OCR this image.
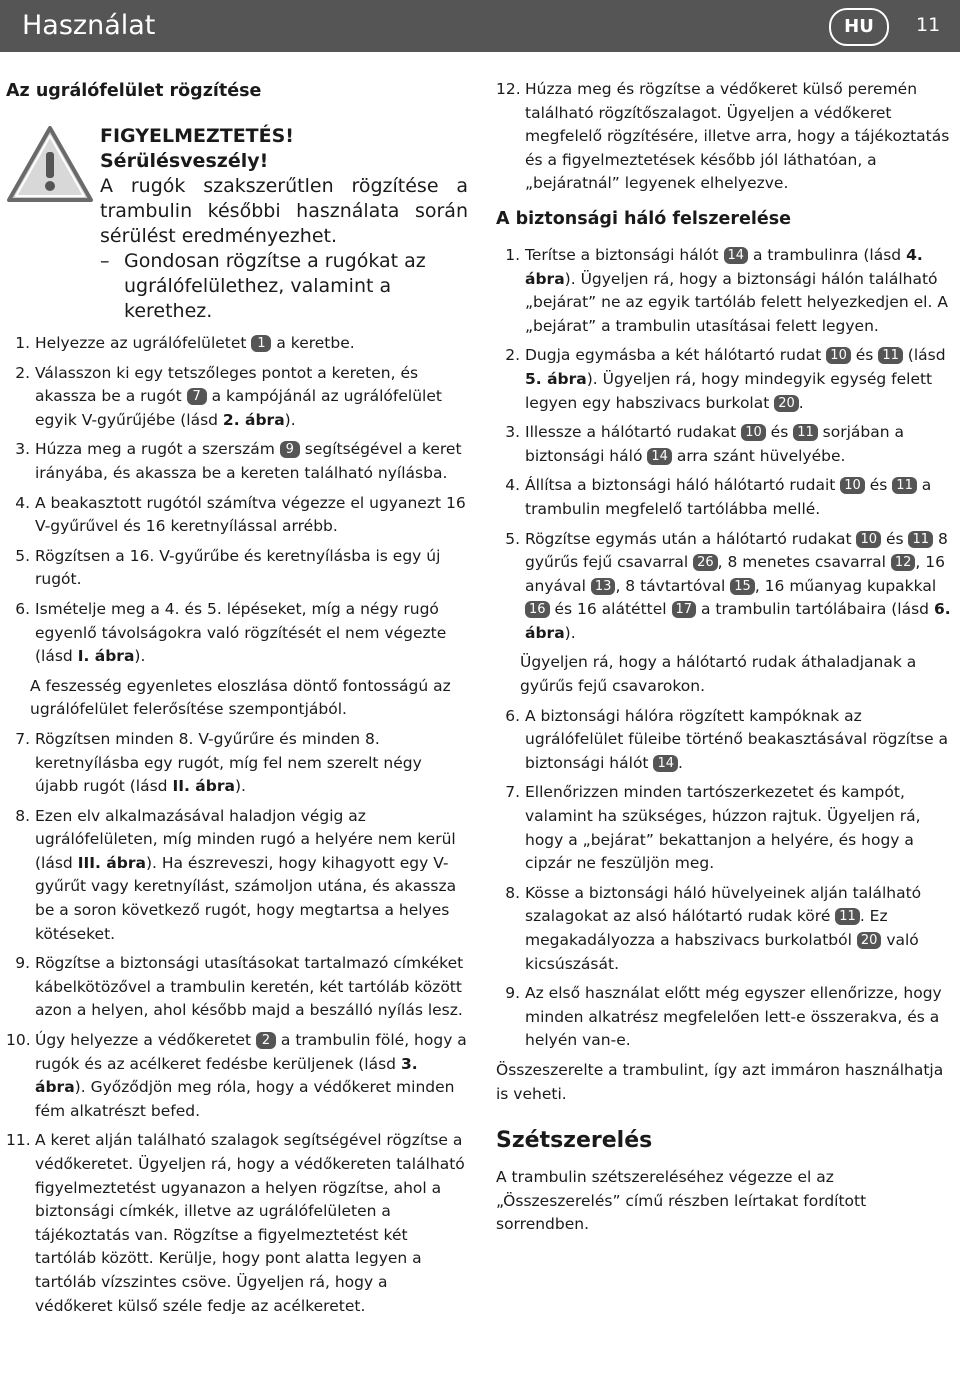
Használat	HU	11
Az ugrálófelület rögzítése
FIGYELMEZTETÉS!
Sérülésveszély!
A rugók szakszerűtlen rögzítése a trambulin későbbi használata során sérülést eredményezhet.
– Gondosan rögzítse a rugókat az ugrálófelülethez, valamint a kerethez.
1. Helyezze az ugrálófelületet 1 a keretbe.
2. Válasszon ki egy tetszőleges pontot a kereten, és akassza be a rugót 7 a kampójánál az ugrálófelület egyik V-gyűrűjébe (lásd 2. ábra).
3. Húzza meg a rugót a szerszám 9 segítségével a keret irányába, és akassza be a kereten található nyílásba.
4. A beakasztott rugótól számítva végezze el ugyanezt 16 V-gyűrűvel és 16 keretnyílással arrébb.
5. Rögzítsen a 16. V-gyűrűbe és keretnyílásba is egy új rugót.
6. Ismételje meg a 4. és 5. lépéseket, míg a négy rugó egyenlő távolságokra való rögzítését el nem végezte (lásd I. ábra).
A feszesség egyenletes eloszlása döntő fontosságú az ugrálófelület felerősítése szempontjából.
7. Rögzítsen minden 8. V-gyűrűre és minden 8. keretnyílásba egy rugót, míg fel nem szerelt négy újabb rugót (lásd II. ábra).
8. Ezen elv alkalmazásával haladjon végig az ugrálófelületen, míg minden rugó a helyére nem kerül (lásd III. ábra). Ha észreveszi, hogy kihagyott egy V-gyűrűt vagy keretnyílást, számoljon utána, és akassza be a soron következő rugót, hogy megtartsa a helyes kötéseket.
9. Rögzítse a biztonsági utasításokat tartalmazó címkéket kábelkötözővel a trambulin keretén, két tartóláb között azon a helyen, ahol később majd a beszálló nyílás lesz.
10. Úgy helyezze a védőkeretet 2 a trambulin fölé, hogy a rugók és az acélkeret fedésbe kerüljenek (lásd 3. ábra). Győződjön meg róla, hogy a védőkeret minden fém alkatrészt befed.
11. A keret alján található szalagok segítségével rögzítse a védőkeretet. Ügyeljen rá, hogy a védőkereten található figyelmeztetést ugyanazon a helyen rögzítse, ahol a biztonsági címkék, illetve az ugrálófelületen a tájékoztatás van. Rögzítse a figyelmeztetést két tartóláb között. Kerülje, hogy pont alatta legyen a tartóláb vízszintes csöve. Ügyeljen rá, hogy a védőkeret külső széle fedje az acélkeretet.
12. Húzza meg és rögzítse a védőkeret külső peremén található rögzítőszalagot. Ügyeljen a védőkeret megfelelő rögzítésére, illetve arra, hogy a tájékoztatás és a figyelmeztetések később jól láthatóan, a „bejáratnál” legyenek elhelyezve.
A biztonsági háló felszerelése
1. Terítse a biztonsági hálót 14 a trambulinra (lásd 4. ábra). Ügyeljen rá, hogy a biztonsági hálón található „bejárat” ne az egyik tartóláb felett helyezkedjen el. A „bejárat” a trambulin utasításai felett legyen.
2. Dugja egymásba a két hálótartó rudat 10 és 11 (lásd 5. ábra). Ügyeljen rá, hogy mindegyik egység felett legyen egy habszivacs burkolat 20 .
3. Illessze a hálótartó rudakat 10 és 11 sorjában a biztonsági háló 14 arra szánt hüvelyébe.
4. Állítsa a biztonsági háló hálótartó rudait 10 és 11 a trambulin megfelelő tartólábba mellé.
5. Rögzítse egymás után a hálótartó rudakat 10 és 11 8 gyűrűs fejű csavarral 26 , 8 menetes csavarral 12 , 16 anyával 13 , 8 távtartóval 15 , 16 műanyag kupakkal 16 és 16 alátéttel 17 a trambulin tartólábaira (lásd 6. ábra).
Ügyeljen rá, hogy a hálótartó rudak áthaladjanak a gyűrűs fejű csavarokon.
6. A biztonsági hálóra rögzített kampóknak az ugrálófelület füleibe történő beakasztásával rögzítse a biztonsági hálót 14 .
7. Ellenőrizzen minden tartószerkezetet és kampót, valamint ha szükséges, húzzon rajtuk. Ügyeljen rá, hogy a „bejárat” bekattanjon a helyére, és hogy a cipzár ne feszüljön meg.
8. Kösse a biztonsági háló hüvelyeinek alján található szalagokat az alsó hálótartó rudak köré 11 . Ez megakadályozza a habszivacs burkolatból 20 való kicsúszását.
9. Az első használat előtt még egyszer ellenőrizze, hogy minden alkatrész megfelelően lett-e összerakva, és a helyén van-e.

Összeszerelte a trambulint, így azt immáron használhatja is veheti.

Szétszerelés

A trambulin szétszereléséhez végezze el az „Összeszerelés” című részben leírtakat fordított sorrendben.
